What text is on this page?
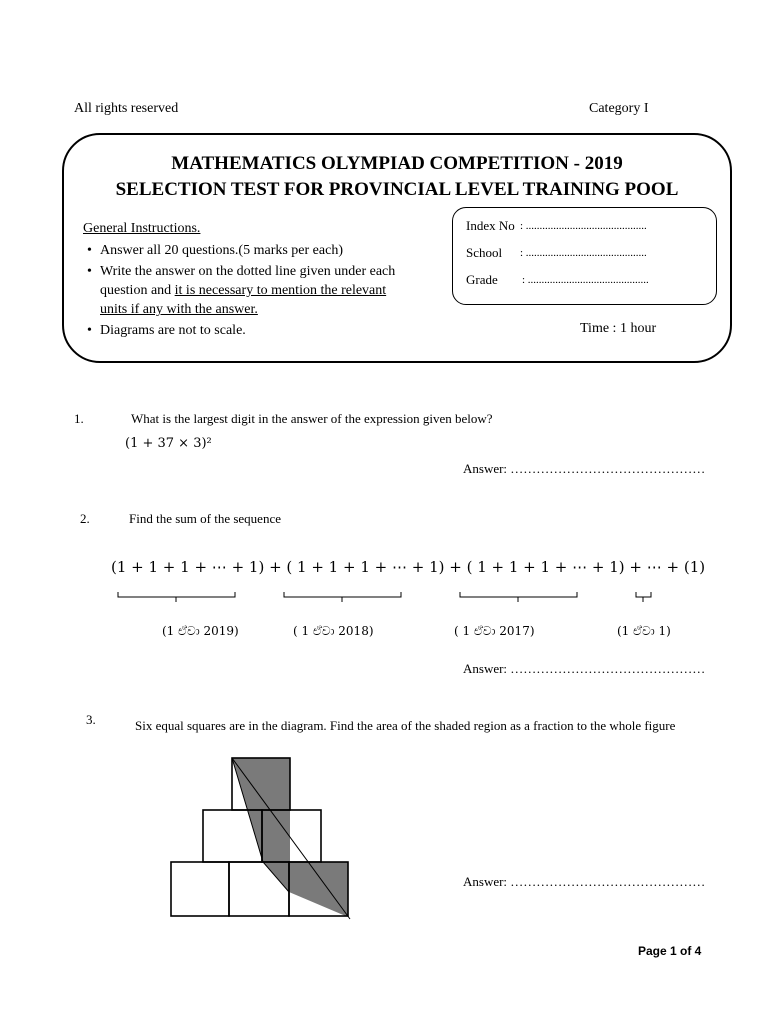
All rights reserved	Category I
MATHEMATICS OLYMPIAD COMPETITION - 2019
SELECTION TEST FOR PROVINCIAL LEVEL TRAINING POOL
General Instructions.
• Answer all 20 questions.(5 marks per each)
• Write the answer on the dotted line given under each
question and it is necessary to mention the relevant
units if any with the answer.
• Diagrams are not to scale.
Index No : ............................................
School : ............................................
Grade : ............................................
Time : 1 hour
1.	What is the largest digit in the answer of the expression given below?
(1 + 37 × 3)²
Answer: ………………………………………
2.	Find the sum of the sequence
(1 + 1 + 1 + ⋯ + 1) + ( 1 + 1 + 1 + ⋯ + 1) + ( 1 + 1 + 1 + ⋯ + 1) + ⋯ + (1)
(1 ඒවා 2019)	( 1 ඒවා 2018)	( 1 ඒවා 2017)	(1 ඒවා 1)
Answer: ………………………………………
3.	Six equal squares are in the diagram. Find the area of the shaded region as a fraction to the whole figure
Answer: ………………………………………
Page 1 of 4
